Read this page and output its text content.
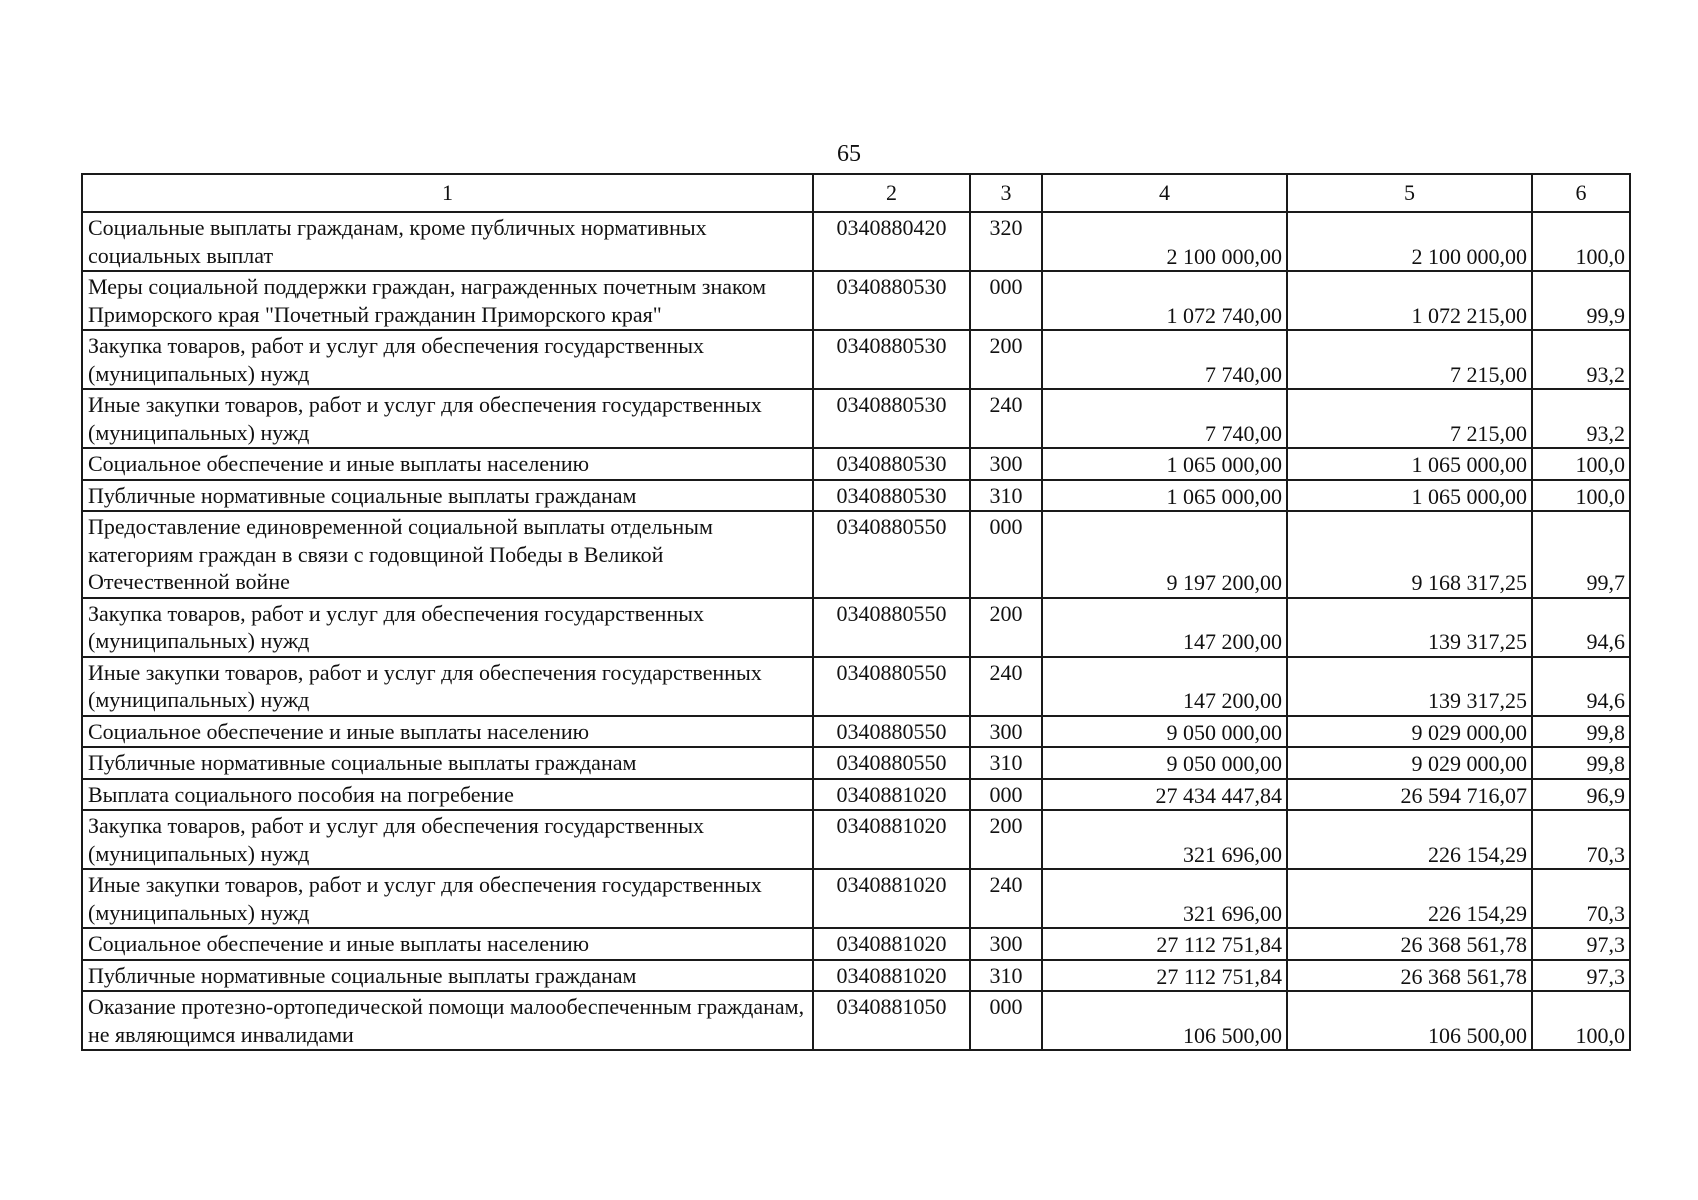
65
1	2	3	4	5	6
Социальные выплаты гражданам, кроме публичных нормативных социальных выплат	0340880420	320	2 100 000,00	2 100 000,00	100,0
Меры социальной поддержки граждан, награжденных почетным знаком Приморского края "Почетный гражданин Приморского края"	0340880530	000	1 072 740,00	1 072 215,00	99,9
Закупка товаров, работ и услуг для обеспечения государственных (муниципальных) нужд	0340880530	200	7 740,00	7 215,00	93,2
Иные закупки товаров, работ и услуг для обеспечения государственных (муниципальных) нужд	0340880530	240	7 740,00	7 215,00	93,2
Социальное обеспечение и иные выплаты населению	0340880530	300	1 065 000,00	1 065 000,00	100,0
Публичные нормативные социальные выплаты гражданам	0340880530	310	1 065 000,00	1 065 000,00	100,0
Предоставление единовременной социальной выплаты отдельным категориям граждан в связи с годовщиной Победы в Великой Отечественной войне	0340880550	000	9 197 200,00	9 168 317,25	99,7
Закупка товаров, работ и услуг для обеспечения государственных (муниципальных) нужд	0340880550	200	147 200,00	139 317,25	94,6
Иные закупки товаров, работ и услуг для обеспечения государственных (муниципальных) нужд	0340880550	240	147 200,00	139 317,25	94,6
Социальное обеспечение и иные выплаты населению	0340880550	300	9 050 000,00	9 029 000,00	99,8
Публичные нормативные социальные выплаты гражданам	0340880550	310	9 050 000,00	9 029 000,00	99,8
Выплата социального пособия на погребение	0340881020	000	27 434 447,84	26 594 716,07	96,9
Закупка товаров, работ и услуг для обеспечения государственных (муниципальных) нужд	0340881020	200	321 696,00	226 154,29	70,3
Иные закупки товаров, работ и услуг для обеспечения государственных (муниципальных) нужд	0340881020	240	321 696,00	226 154,29	70,3
Социальное обеспечение и иные выплаты населению	0340881020	300	27 112 751,84	26 368 561,78	97,3
Публичные нормативные социальные выплаты гражданам	0340881020	310	27 112 751,84	26 368 561,78	97,3
Оказание протезно-ортопедической помощи малообеспеченным гражданам, не являющимся инвалидами	0340881050	000	106 500,00	106 500,00	100,0
